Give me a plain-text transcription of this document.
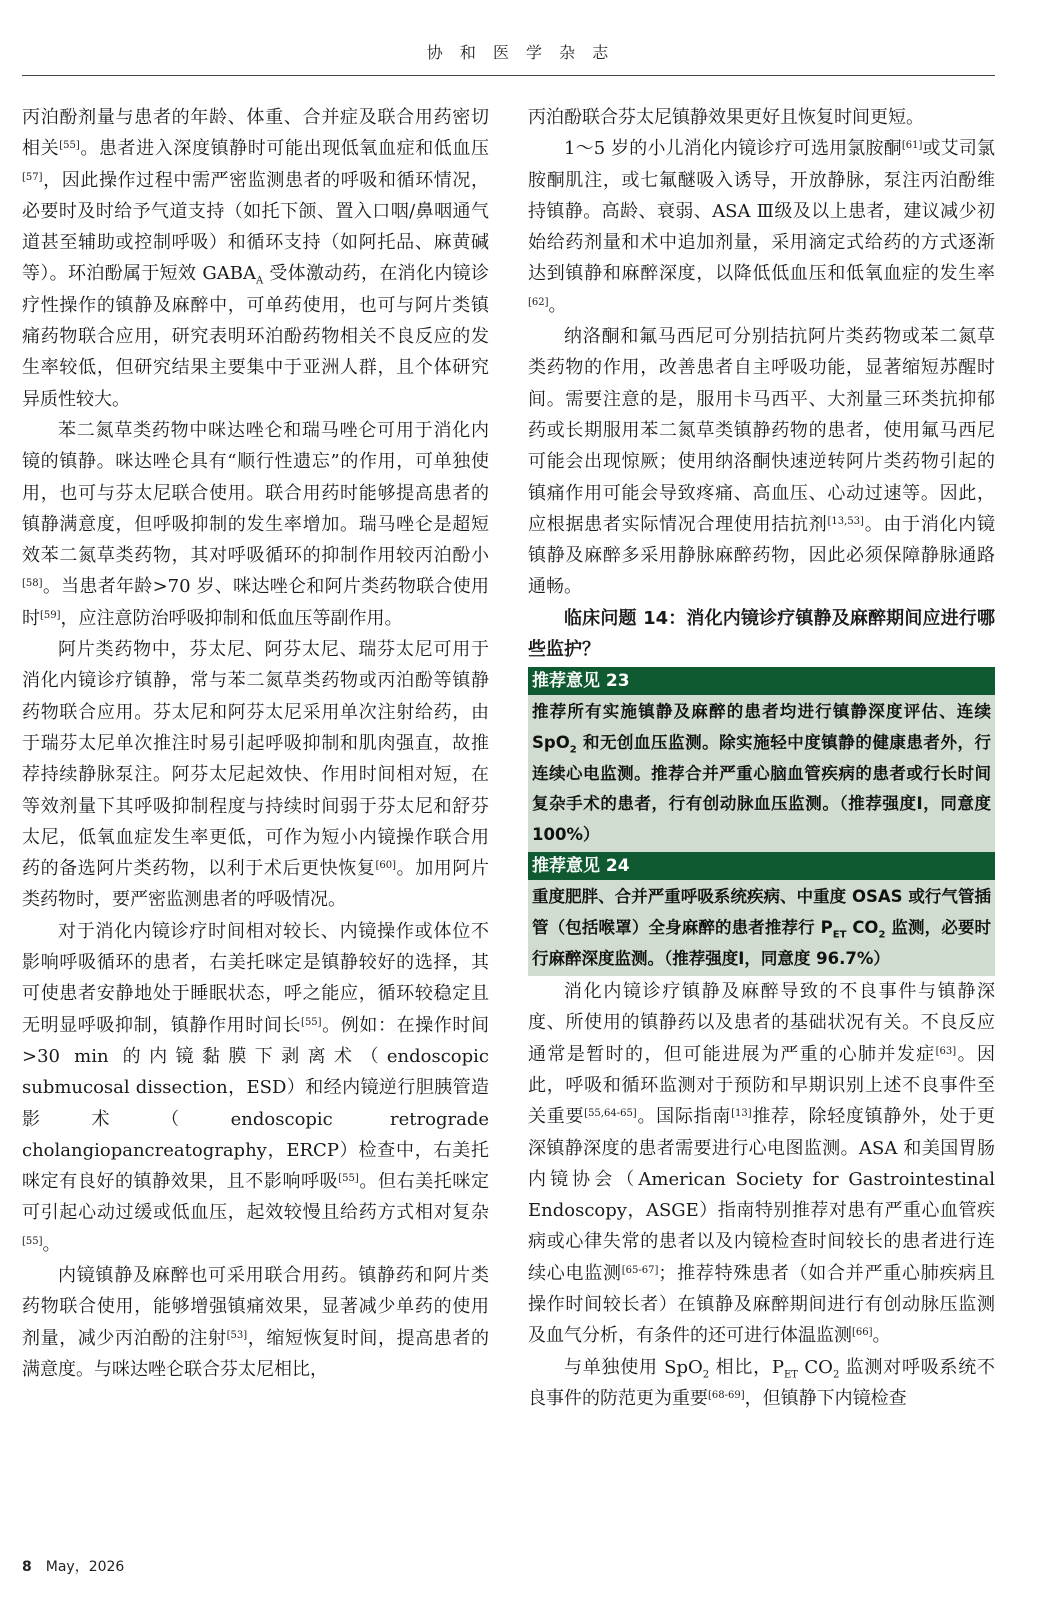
协 和 医 学 杂 志

丙泊酚剂量与患者的年龄、体重、合并症及联合用药密切相关[55]。患者进入深度镇静时可能出现低氧血症和低血压[57]，因此操作过程中需严密监测患者的呼吸和循环情况，必要时及时给予气道支持（如托下颌、置入口咽/鼻咽通气道甚至辅助或控制呼吸）和循环支持（如阿托品、麻黄碱等）。环泊酚属于短效 $GABA_A$ 受体激动药，在消化内镜诊疗性操作的镇静及麻醉中，可单药使用，也可与阿片类镇痛药物联合应用，研究表明环泊酚药物相关不良反应的发生率较低，但研究结果主要集中于亚洲人群，且个体研究异质性较大。

苯二氮草类药物中咪达唑仑和瑞马唑仑可用于消化内镜的镇静。咪达唑仑具有“顺行性遗忘”的作用，可单独使用，也可与芬太尼联合使用。联合用药时能够提高患者的镇静满意度，但呼吸抑制的发生率增加。瑞马唑仑是超短效苯二氮草类药物，其对呼吸循环的抑制作用较丙泊酚小[58]。当患者年龄>70 岁、咪达唑仑和阿片类药物联合使用时[59]，应注意防治呼吸抑制和低血压等副作用。

阿片类药物中，芬太尼、阿芬太尼、瑞芬太尼可用于消化内镜诊疗镇静，常与苯二氮草类药物或丙泊酚等镇静药物联合应用。芬太尼和阿芬太尼采用单次注射给药，由于瑞芬太尼单次推注时易引起呼吸抑制和肌肉强直，故推荐持续静脉泵注。阿芬太尼起效快、作用时间相对短，在等效剂量下其呼吸抑制程度与持续时间弱于芬太尼和舒芬太尼，低氧血症发生率更低，可作为短小内镜操作联合用药的备选阿片类药物，以利于术后更快恢复[60]。加用阿片类药物时，要严密监测患者的呼吸情况。

对于消化内镜诊疗时间相对较长、内镜操作或体位不影响呼吸循环的患者，右美托咪定是镇静较好的选择，其可使患者安静地处于睡眠状态，呼之能应，循环较稳定且无明显呼吸抑制，镇静作用时间长[55]。例如：在操作时间>30 min 的内镜黏膜下剥离术（endoscopic submucosal dissection，ESD）和经内镜逆行胆胰管造影术（endoscopic retrograde cholangiopancreatography，ERCP）检查中，右美托咪定有良好的镇静效果，且不影响呼吸[55]。但右美托咪定可引起心动过缓或低血压，起效较慢且给药方式相对复杂[55]。

内镜镇静及麻醉也可采用联合用药。镇静药和阿片类药物联合使用，能够增强镇痛效果，显著减少单药的使用剂量，减少丙泊酚的注射[53]，缩短恢复时间，提高患者的满意度。与咪达唑仑联合芬太尼相比，

丙泊酚联合芬太尼镇静效果更好且恢复时间更短。

1～5 岁的小儿消化内镜诊疗可选用氯胺酮[61]或艾司氯胺酮肌注，或七氟醚吸入诱导，开放静脉，泵注丙泊酚维持镇静。高龄、衰弱、ASA Ⅲ级及以上患者，建议减少初始给药剂量和术中追加剂量，采用滴定式给药的方式逐渐达到镇静和麻醉深度，以降低低血压和低氧血症的发生率[62]。

纳洛酮和氟马西尼可分别拮抗阿片类药物或苯二氮草类药物的作用，改善患者自主呼吸功能，显著缩短苏醒时间。需要注意的是，服用卡马西平、大剂量三环类抗抑郁药或长期服用苯二氮草类镇静药物的患者，使用氟马西尼可能会出现惊厥；使用纳洛酮快速逆转阿片类药物引起的镇痛作用可能会导致疼痛、高血压、心动过速等。因此，应根据患者实际情况合理使用拮抗剂[13,53]。由于消化内镜镇静及麻醉多采用静脉麻醉药物，因此必须保障静脉通路通畅。

临床问题 14：消化内镜诊疗镇静及麻醉期间应进行哪些监护？

推荐意见 23
推荐所有实施镇静及麻醉的患者均进行镇静深度评估、连续 SpO$_2$ 和无创血压监测。除实施轻中度镇静的健康患者外，行连续心电监测。推荐合并严重心脑血管疾病的患者或行长时间复杂手术的患者，行有创动脉血压监测。（推荐强度Ⅰ，同意度 100%）
推荐意见 24
重度肥胖、合并严重呼吸系统疾病、中重度 OSAS 或行气管插管（包括喉罩）全身麻醉的患者推荐行 $P_{ET}$ $CO_2$ 监测，必要时行麻醉深度监测。（推荐强度Ⅰ，同意度 96.7%）

消化内镜诊疗镇静及麻醉导致的不良事件与镇静深度、所使用的镇静药以及患者的基础状况有关。不良反应通常是暂时的，但可能进展为严重的心肺并发症[63]。因此，呼吸和循环监测对于预防和早期识别上述不良事件至关重要[55,64-65]。国际指南[13]推荐，除轻度镇静外，处于更深镇静深度的患者需要进行心电图监测。ASA 和美国胃肠内镜协会（American Society for Gastrointestinal Endoscopy，ASGE）指南特别推荐对患有严重心血管疾病或心律失常的患者以及内镜检查时间较长的患者进行连续心电监测[65-67]；推荐特殊患者（如合并严重心肺疾病且操作时间较长者）在镇静及麻醉期间进行有创动脉压监测及血气分析，有条件的还可进行体温监测[66]。

与单独使用 SpO$_2$ 相比，$P_{ET}$ $CO_2$ 监测对呼吸系统不良事件的防范更为重要[68-69]，但镇静下内镜检查

8 May，2026
